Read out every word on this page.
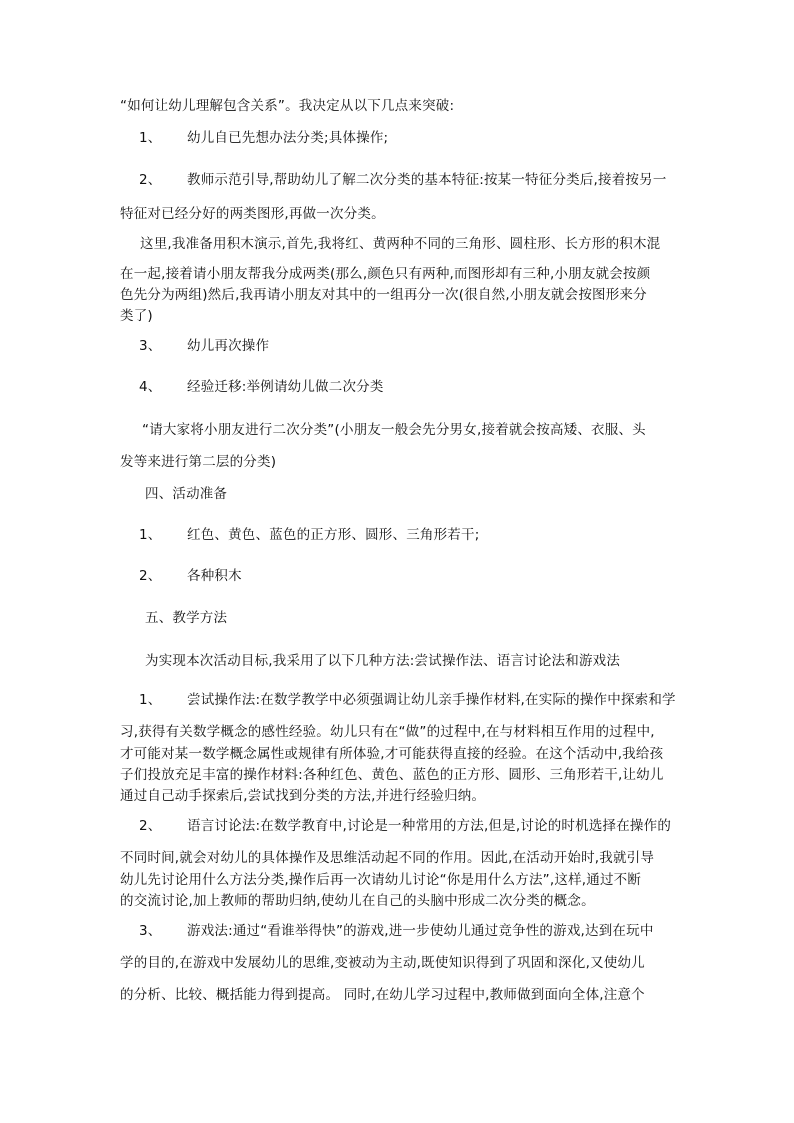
“如何让幼儿理解包含关系”。我决定从以下几点来突破:
1、 幼儿自已先想办法分类;具体操作;
2、 教师示范引导,帮助幼儿了解二次分类的基本特征:按某一特征分类后,接着按另一
特征对已经分好的两类图形,再做一次分类。
这里,我准备用积木演示,首先,我将红、黄两种不同的三角形、圆柱形、长方形的积木混
在一起,接着请小朋友帮我分成两类(那么,颜色只有两种,而图形却有三种,小朋友就会按颜
色先分为两组)然后,我再请小朋友对其中的一组再分一次(很自然,小朋友就会按图形来分
类了)
3、 幼儿再次操作
4、 经验迁移:举例请幼儿做二次分类
“请大家将小朋友进行二次分类”(小朋友一般会先分男女,接着就会按高矮、衣服、头
发等来进行第二层的分类)
四、活动准备
1、 红色、黄色、蓝色的正方形、圆形、三角形若干;
2、 各种积木
五、教学方法
为实现本次活动目标,我采用了以下几种方法:尝试操作法、语言讨论法和游戏法
1、 尝试操作法:在数学教学中必须强调让幼儿亲手操作材料,在实际的操作中探索和学
习,获得有关数学概念的感性经验。幼儿只有在“做”的过程中,在与材料相互作用的过程中,
才可能对某一数学概念属性或规律有所体验,才可能获得直接的经验。在这个活动中,我给孩
子们投放充足丰富的操作材料:各种红色、黄色、蓝色的正方形、圆形、三角形若干,让幼儿
通过自己动手探索后,尝试找到分类的方法,并进行经验归纳。
2、 语言讨论法:在数学教育中,讨论是一种常用的方法,但是,讨论的时机选择在操作的
不同时间,就会对幼儿的具体操作及思维活动起不同的作用。因此,在活动开始时,我就引导
幼儿先讨论用什么方法分类,操作后再一次请幼儿讨论“你是用什么方法”,这样,通过不断
的交流讨论,加上教师的帮助归纳,使幼儿在自己的头脑中形成二次分类的概念。
3、 游戏法:通过“看谁举得快”的游戏,进一步使幼儿通过竞争性的游戏,达到在玩中
学的目的,在游戏中发展幼儿的思维,变被动为主动,既使知识得到了巩固和深化,又使幼儿
的分析、比较、概括能力得到提高。 同时,在幼儿学习过程中,教师做到面向全体,注意个
